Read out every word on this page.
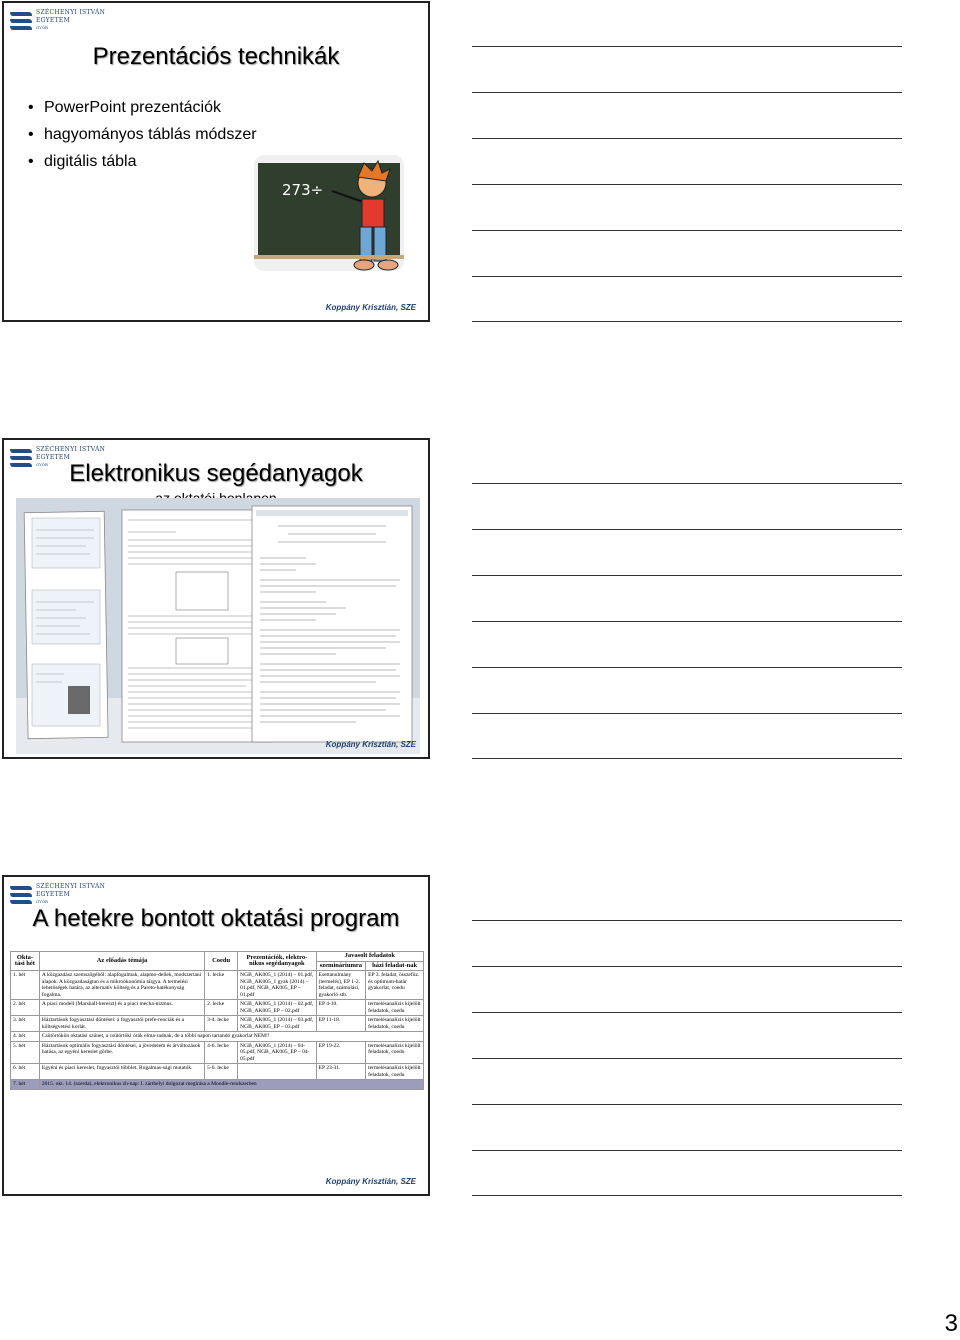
SZÉCHENYI ISTVÁN
EGYETEM
GYŐR
Prezentációs technikák
• PowerPoint prezentációk
• hagyományos táblás módszer
• digitális tábla
273÷
Koppány Krisztián, SZE
SZÉCHENYI ISTVÁN
EGYETEM
GYŐR Elektronikus segédanyagok
Koppány Krisztián, SZE
SZÉCHENYI ISTVÁN
EGYETEM
GYŐR
A hetekre bontott oktatási program
Okta-tási hét	Az előadás témája	Coedu	Prezentációk, elektro-nikus segédanyagok	Javasolt feladatok	
				szemináriumra	házi feladat-nak
1. hét	A közgazdász szemszögéből: alapfogalmak, alapmo-dellek, modszertani alapok. A közgazdaságtan és a mikroökonómia tárgya. A termelési lehetőségek határa, az alternatív költség és a Pareto-hatékonyság fogalma.	1. lecke	NGB_AK005_1 (2014) – 01.pdf, NGB_AK005_1 gyak (2014) – 01.pdf, NGB_AK005_EP – 01.pdf	Esettanulmány (termelés), EP 1-2. feladat, számolási, gyakorló stb.	EP 3. feladat, összefüz. és optimum-határ gyakorlat, coedu
2. hét	A piaci modell (Marshall-kereszt) és a piaci mecha-nizmus.	2. lecke	NGB_AK005_1 (2014) – 02.pdf, NGB_AK005_EP – 02.pdf	EP 4-10.	termelésanalízis kijelölt feladatok, coedu
3. hét	Háztartások fogyasztási döntései: a fogyasztói prefe-renciák és a költségvetési korlát.	3-4. lecke	NGB_AK005_1 (2014) – 03.pdf, NGB_AK005_EP – 03.pdf	EP 11-18.	termelésanalízis kijelölt feladatok, coedu
4. hét	Csütörtökön oktatási szünet, a csütörtöki órák elma-radnak, de a többi napon tartandó gyakorlat NEM!!				
5. hét	Háztartások optimális fogyasztási döntései, a jövedelem és árváltozások hatása, az egyéni kereslet görbe.	4-6. lecke	NGB_AK005_1 (2014) – 04-05.pdf, NGB_AK005_EP – 04-05.pdf	EP 19-22.	termelésanalízis kijelölt feladatok, coedu
6. hét	Egyéni és piaci kereslet, fogyasztói többlet. Rugalmas-sági mutatók.	5-6. lecke		EP 23-31.	termelésanalízis kijelölt feladatok, coedu
7. hét	2015. okt. 14. (szerda), elektronikus zh-nap: I. zárthelyi dolgozat megírása a Moodle-rendszerben				
Koppány Krisztián, SZE
3
